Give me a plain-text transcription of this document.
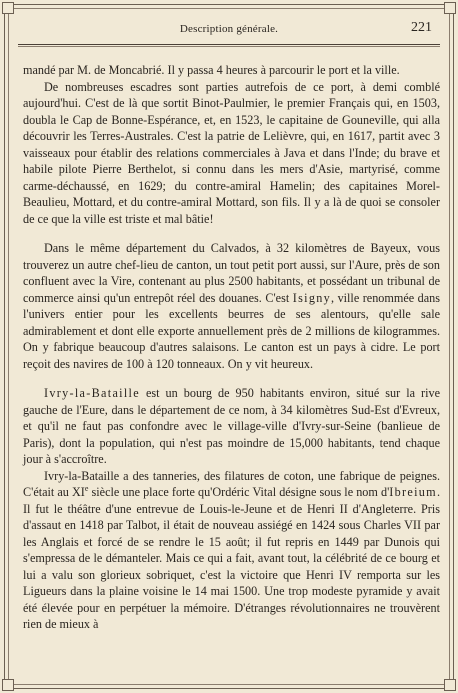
Description générale.	221

mandé par M. de Moncabrié. Il y passa 4 heures à parcourir le port et la ville.

De nombreuses escadres sont parties autrefois de ce port, à demi comblé aujourd'hui. C'est de là que sortit Binot-Paulmier, le premier Français qui, en 1503, doubla le Cap de Bonne-Espérance, et, en 1523, le capitaine de Gouneville, qui alla découvrir les Terres-Australes. C'est la patrie de Lelièvre, qui, en 1617, partit avec 3 vaisseaux pour établir des relations commerciales à Java et dans l'Inde; du brave et habile pilote Pierre Berthelot, si connu dans les mers d'Asie, martyrisé, comme carme-déchaussé, en 1629; du contre-amiral Hamelin; des capitaines Morel-Beaulieu, Mottard, et du contre-amiral Mottard, son fils. Il y a là de quoi se consoler de ce que la ville est triste et mal bâtie!

Dans le même département du Calvados, à 32 kilomètres de Bayeux, vous trouverez un autre chef-lieu de canton, un tout petit port aussi, sur l'Aure, près de son confluent avec la Vire, contenant au plus 2500 habitants, et possédant un tribunal de commerce ainsi qu'un entrepôt réel des douanes. C'est Isigny, ville renommée dans l'univers entier pour les excellents beurres de ses alentours, qu'elle sale admirablement et dont elle exporte annuellement près de 2 millions de kilogrammes. On y fabrique beaucoup d'autres salaisons. Le canton est un pays à cidre. Le port reçoit des navires de 100 à 120 tonneaux. On y vit heureux.

Ivry-la-Bataille est un bourg de 950 habitants environ, situé sur la rive gauche de l'Eure, dans le département de ce nom, à 34 kilomètres Sud-Est d'Evreux, et qu'il ne faut pas confondre avec le village-ville d'Ivry-sur-Seine (banlieue de Paris), dont la population, qui n'est pas moindre de 15,000 habitants, tend chaque jour à s'accroître.

Ivry-la-Bataille a des tanneries, des filatures de coton, une fabrique de peignes. C'était au XIe siècle une place forte qu'Ordéric Vital désigne sous le nom d'Ibreium. Il fut le théâtre d'une entrevue de Louis-le-Jeune et de Henri II d'Angleterre. Pris d'assaut en 1418 par Talbot, il était de nouveau assiégé en 1424 sous Charles VII par les Anglais et forcé de se rendre le 15 août; il fut repris en 1449 par Dunois qui s'empressa de le démanteler. Mais ce qui a fait, avant tout, la célébrité de ce bourg et lui a valu son glorieux sobriquet, c'est la victoire que Henri IV remporta sur les Ligueurs dans la plaine voisine le 14 mai 1500. Une trop modeste pyramide y avait été élevée pour en perpétuer la mémoire. D'étranges révolutionnaires ne trouvèrent rien de mieux à
